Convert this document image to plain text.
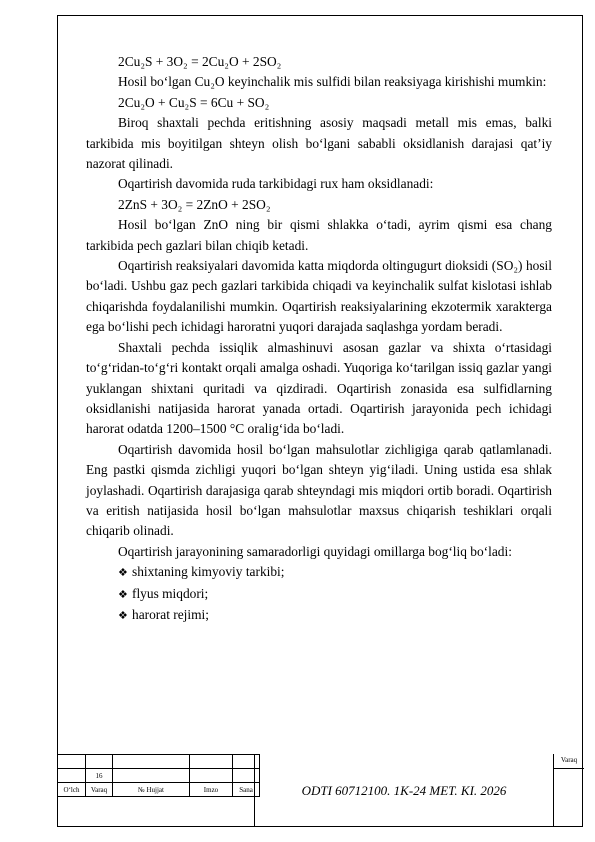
2Cu₂S + 3O₂ = 2Cu₂O + 2SO₂

Hosil bo‘lgan Cu₂O keyinchalik mis sulfidi bilan reaksiyaga kirishishi mumkin:

2Cu₂O + Cu₂S = 6Cu + SO₂

Biroq shaxtali pechda eritishning asosiy maqsadi metall mis emas, balki tarkibida mis boyitilgan shteyn olish bo‘lgani sababli oksidlanish darajasi qat’iy nazorat qilinadi.

Oqartirish davomida ruda tarkibidagi rux ham oksidlanadi:

2ZnS + 3O₂ = 2ZnO + 2SO₂

Hosil bo‘lgan ZnO ning bir qismi shlakka o‘tadi, ayrim qismi esa chang tarkibida pech gazlari bilan chiqib ketadi.

Oqartirish reaksiyalari davomida katta miqdorda oltingugurt dioksidi (SO₂) hosil bo‘ladi. Ushbu gaz pech gazlari tarkibida chiqadi va keyinchalik sulfat kislotasi ishlab chiqarishda foydalanilishi mumkin. Oqartirish reaksiyalarining ekzotermik xarakterga ega bo‘lishi pech ichidagi haroratni yuqori darajada saqlashga yordam beradi.

Shaxtali pechda issiqlik almashinuvi asosan gazlar va shixta o‘rtasidagi to‘g‘ridan-to‘g‘ri kontakt orqali amalga oshadi. Yuqoriga ko‘tarilgan issiq gazlar yangi yuklangan shixtani quritadi va qizdiradi. Oqartirish zonasida esa sulfidlarning oksidlanishi natijasida harorat yanada ortadi. Oqartirish jarayonida pech ichidagi harorat odatda 1200–1500 °C oralig‘ida bo‘ladi.

Oqartirish davomida hosil bo‘lgan mahsulotlar zichligiga qarab qatlamlanadi. Eng pastki qismda zichligi yuqori bo‘lgan shteyn yig‘iladi. Uning ustida esa shlak joylashadi. Oqartirish darajasiga qarab shteyndagi mis miqdori ortib boradi. Oqartirish va eritish natijasida hosil bo‘lgan mahsulotlar maxsus chiqarish teshiklari orqali chiqarib olinadi.

Oqartirish jarayonining samaradorligi quyidagi omillarga bog‘liq bo‘ladi:

❖ shixtaning kimyoviy tarkibi;
❖ flyus miqdori;
❖ harorat rejimi;

	16			
O‘lch	Varaq	№ Hujjat	Imzo	Sana	ODTI 60712100. 1K-24 MET. KI. 2026
Varaq
